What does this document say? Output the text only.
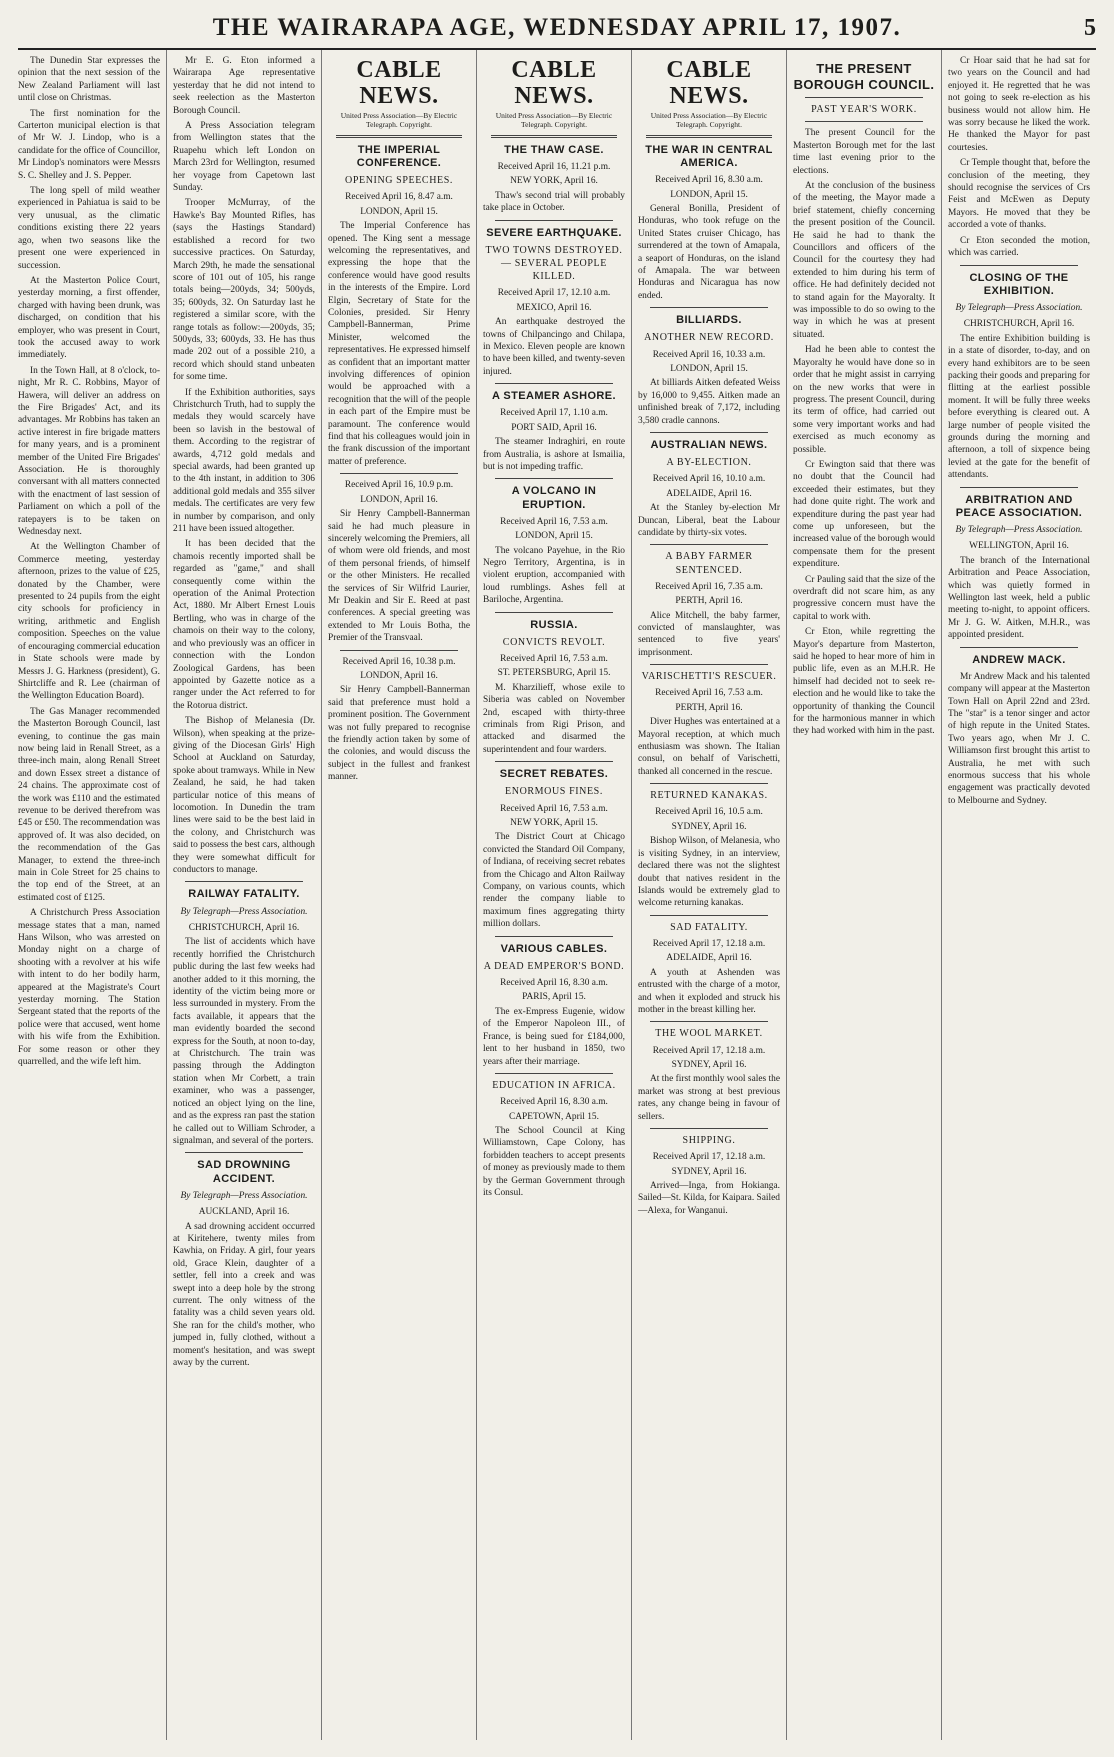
THE WAIRARAPA AGE, WEDNESDAY APRIL 17, 1907.	5

The Dunedin Star expresses the opinion that the next session of the New Zealand Parliament will last until close on Christmas.

The first nomination for the Carterton municipal election is that of Mr W. J. Lindop, who is a candidate for the office of Councillor, Mr Lindop's nominators were Messrs S. C. Shelley and J. S. Pepper.

The long spell of mild weather experienced in Pahiatua is said to be very unusual, as the climatic conditions existing there 22 years ago, when two seasons like the present one were experienced in succession.

At the Masterton Police Court, yesterday morning, a first offender, charged with having been drunk, was discharged, on condition that his employer, who was present in Court, took the accused away to work immediately.

In the Town Hall, at 8 o'clock, to-night, Mr R. C. Robbins, Mayor of Hawera, will deliver an address on the Fire Brigades' Act, and its advantages. Mr Robbins has taken an active interest in fire brigade matters for many years, and is a prominent member of the United Fire Brigades' Association. He is thoroughly conversant with all matters connected with the enactment of last session of Parliament on which a poll of the ratepayers is to be taken on Wednesday next.

At the Wellington Chamber of Commerce meeting, yesterday afternoon, prizes to the value of £25, donated by the Chamber, were presented to 24 pupils from the eight city schools for proficiency in writing, arithmetic and English composition. Speeches on the value of encouraging commercial education in State schools were made by Messrs J. G. Harkness (president), G. Shirtcliffe and R. Lee (chairman of the Wellington Education Board).

The Gas Manager recommended the Masterton Borough Council, last evening, to continue the gas main now being laid in Renall Street, as a three-inch main, along Renall Street and down Essex street a distance of 24 chains. The approximate cost of the work was £110 and the estimated revenue to be derived therefrom was £45 or £50. The recommendation was approved of. It was also decided, on the recommendation of the Gas Manager, to extend the three-inch main in Cole Street for 25 chains to the top end of the Street, at an estimated cost of £125.

A Christchurch Press Association message states that a man, named Hans Wilson, who was arrested on Monday night on a charge of shooting with a revolver at his wife with intent to do her bodily harm, appeared at the Magistrate's Court yesterday morning. The Station Sergeant stated that the reports of the police were that accused, went home with his wife from the Exhibition. For some reason or other they quarrelled, and the wife left him.

Mr E. G. Eton informed a Wairarapa Age representative yesterday that he did not intend to seek reelection as the Masterton Borough Council.

A Press Association telegram from Wellington states that the Ruapehu which left London on March 23rd for Wellington, resumed her voyage from Capetown last Sunday.

Trooper McMurray, of the Hawke's Bay Mounted Rifles, has (says the Hastings Standard) established a record for two successive practices. On Saturday, March 29th, he made the sensational score of 101 out of 105, his range totals being—200yds, 34; 500yds, 35; 600yds, 32. On Saturday last he registered a similar score, with the range totals as follow:—200yds, 35; 500yds, 33; 600yds, 33. He has thus made 202 out of a possible 210, a record which should stand unbeaten for some time.

If the Exhibition authorities, says Christchurch Truth, had to supply the medals they would scarcely have been so lavish in the bestowal of them. According to the registrar of awards, 4,712 gold medals and special awards, had been granted up to the 4th instant, in addition to 306 additional gold medals and 355 silver medals. The certificates are very few in number by comparison, and only 211 have been issued altogether.

It has been decided that the chamois recently imported shall be regarded as "game," and shall consequently come within the operation of the Animal Protection Act, 1880. Mr Albert Ernest Louis Bertling, who was in charge of the chamois on their way to the colony, and who previously was an officer in connection with the London Zoological Gardens, has been appointed by Gazette notice as a ranger under the Act referred to for the Rotorua district.

The Bishop of Melanesia (Dr. Wilson), when speaking at the prize-giving of the Diocesan Girls' High School at Auckland on Saturday, spoke about tramways. While in New Zealand, he said, he had taken particular notice of this means of locomotion. In Dunedin the tram lines were said to be the best laid in the colony, and Christchurch was said to possess the best cars, although they were somewhat difficult for conductors to manage.

RAILWAY FATALITY.
By Telegraph—Press Association.
CHRISTCHURCH, April 16.

The list of accidents which have recently horrified the Christchurch public during the last few weeks had another added to it this morning, the identity of the victim being more or less surrounded in mystery. From the facts available, it appears that the man evidently boarded the second express for the South, at noon to-day, at Christchurch. The train was passing through the Addington station when Mr Corbett, a train examiner, who was a passenger, noticed an object lying on the line, and as the express ran past the station he called out to William Schroder, a signalman, and several of the porters.

SAD DROWNING ACCIDENT.
By Telegraph—Press Association.
AUCKLAND, April 16.

A sad drowning accident occurred at Kiritehere, twenty miles from Kawhia, on Friday. A girl, four years old, Grace Klein, daughter of a settler, fell into a creek and was swept into a deep hole by the strong current. The only witness of the fatality was a child seven years old. She ran for the child's mother, who jumped in, fully clothed, without a moment's hesitation, and was swept away by the current.

CABLE NEWS.
United Press Association—By Electric Telegraph. Copyright.
THE IMPERIAL CONFERENCE.
OPENING SPEECHES.
Received April 16, 8.47 a.m.
LONDON, April 15.

The Imperial Conference has opened. The King sent a message welcoming the representatives, and expressing the hope that the conference would have good results in the interests of the Empire. Lord Elgin, Secretary of State for the Colonies, presided. Sir Henry Campbell-Bannerman, Prime Minister, welcomed the representatives. He expressed himself as confident that an important matter involving differences of opinion would be approached with a recognition that the will of the people in each part of the Empire must be paramount. The conference would find that his colleagues would join in the frank discussion of the important matter of preference.

Received April 16, 10.9 p.m.
LONDON, April 16.

Sir Henry Campbell-Bannerman said he had much pleasure in sincerely welcoming the Premiers, all of whom were old friends, and most of them personal friends, of himself or the other Ministers. He recalled the services of Sir Wilfrid Laurier, Mr Deakin and Sir E. Reed at past conferences. A special greeting was extended to Mr Louis Botha, the Premier of the Transvaal.

Received April 16, 10.38 p.m.
LONDON, April 16.

Sir Henry Campbell-Bannerman said that preference must hold a prominent position. The Government was not fully prepared to recognise the friendly action taken by some of the colonies, and would discuss the subject in the fullest and frankest manner.

CABLE NEWS.
United Press Association—By Electric Telegraph. Copyright.
THE THAW CASE.
Received April 16, 11.21 p.m.
NEW YORK, April 16.

Thaw's second trial will probably take place in October.

SEVERE EARTHQUAKE.
TWO TOWNS DESTROYED. — SEVERAL PEOPLE KILLED.
Received April 17, 12.10 a.m.
MEXICO, April 16.

An earthquake destroyed the towns of Chilpancingo and Chilapa, in Mexico. Eleven people are known to have been killed, and twenty-seven injured.

A STEAMER ASHORE.
Received April 17, 1.10 a.m.
PORT SAID, April 16.

The steamer Indraghiri, en route from Australia, is ashore at Ismailia, but is not impeding traffic.

A VOLCANO IN ERUPTION.
Received April 16, 7.53 a.m.
LONDON, April 15.

The volcano Payehue, in the Rio Negro Territory, Argentina, is in violent eruption, accompanied with loud rumblings. Ashes fell at Bariloche, Argentina.

RUSSIA.
CONVICTS REVOLT.
Received April 16, 7.53 a.m.
ST. PETERSBURG, April 15.

M. Kharzilieff, whose exile to Siberia was cabled on November 2nd, escaped with thirty-three criminals from Rigi Prison, and attacked and disarmed the superintendent and four warders.

SECRET REBATES.
ENORMOUS FINES.
Received April 16, 7.53 a.m.
NEW YORK, April 15.

The District Court at Chicago convicted the Standard Oil Company, of Indiana, of receiving secret rebates from the Chicago and Alton Railway Company, on various counts, which render the company liable to maximum fines aggregating thirty million dollars.

VARIOUS CABLES.
A DEAD EMPEROR'S BOND.
Received April 16, 8.30 a.m.
PARIS, April 15.

The ex-Empress Eugenie, widow of the Emperor Napoleon III., of France, is being sued for £184,000, lent to her husband in 1850, two years after their marriage.

EDUCATION IN AFRICA.
Received April 16, 8.30 a.m.
CAPETOWN, April 15.

The School Council at King Williamstown, Cape Colony, has forbidden teachers to accept presents of money as previously made to them by the German Government through its Consul.

CABLE NEWS.
United Press Association—By Electric Telegraph. Copyright.
THE WAR IN CENTRAL AMERICA.
Received April 16, 8.30 a.m.
LONDON, April 15.

General Bonilla, President of Honduras, who took refuge on the United States cruiser Chicago, has surrendered at the town of Amapala, a seaport of Honduras, on the island of Amapala. The war between Honduras and Nicaragua has now ended.

BILLIARDS.
ANOTHER NEW RECORD.
Received April 16, 10.33 a.m.
LONDON, April 15.

At billiards Aitken defeated Weiss by 16,000 to 9,455. Aitken made an unfinished break of 7,172, including 3,580 cradle cannons.

AUSTRALIAN NEWS.
A BY-ELECTION.
Received April 16, 10.10 a.m.
ADELAIDE, April 16.

At the Stanley by-election Mr Duncan, Liberal, beat the Labour candidate by thirty-six votes.

A BABY FARMER SENTENCED.
Received April 16, 7.35 a.m.
PERTH, April 16.

Alice Mitchell, the baby farmer, convicted of manslaughter, was sentenced to five years' imprisonment.

VARISCHETTI'S RESCUER.
Received April 16, 7.53 a.m.
PERTH, April 16.

Diver Hughes was entertained at a Mayoral reception, at which much enthusiasm was shown. The Italian consul, on behalf of Varischetti, thanked all concerned in the rescue.

RETURNED KANAKAS.
Received April 16, 10.5 a.m.
SYDNEY, April 16.

Bishop Wilson, of Melanesia, who is visiting Sydney, in an interview, declared there was not the slightest doubt that natives resident in the Islands would be extremely glad to welcome returning kanakas.

SAD FATALITY.
Received April 17, 12.18 a.m.
ADELAIDE, April 16.

A youth at Ashenden was entrusted with the charge of a motor, and when it exploded and struck his mother in the breast killing her.

THE WOOL MARKET.
Received April 17, 12.18 a.m.
SYDNEY, April 16.

At the first monthly wool sales the market was strong at best previous rates, any change being in favour of sellers.

SHIPPING.
Received April 17, 12.18 a.m.
SYDNEY, April 16.

Arrived—Inga, from Hokianga. Sailed—St. Kilda, for Kaipara. Sailed—Alexa, for Wanganui.

THE PRESENT BOROUGH COUNCIL.
PAST YEAR'S WORK.

The present Council for the Masterton Borough met for the last time last evening prior to the elections.

At the conclusion of the business of the meeting, the Mayor made a brief statement, chiefly concerning the present position of the Council. He said he had to thank the Councillors and officers of the Council for the courtesy they had extended to him during his term of office. He had definitely decided not to stand again for the Mayoralty. It was impossible to do so owing to the way in which he was at present situated.

Had he been able to contest the Mayoralty he would have done so in order that he might assist in carrying on the new works that were in progress. The present Council, during its term of office, had carried out some very important works and had exercised as much economy as possible.

Cr Ewington said that there was no doubt that the Council had exceeded their estimates, but they had done quite right. The work and expenditure during the past year had come up unforeseen, but the increased value of the borough would compensate them for the present expenditure.

Cr Pauling said that the size of the overdraft did not scare him, as any progressive concern must have the capital to work with.

Cr Eton, while regretting the Mayor's departure from Masterton, said he hoped to hear more of him in public life, even as an M.H.R. He himself had decided not to seek re-election and he would like to take the opportunity of thanking the Council for the harmonious manner in which they had worked with him in the past.

Cr Hoar said that he had sat for two years on the Council and had enjoyed it. He regretted that he was not going to seek re-election as his business would not allow him. He was sorry because he liked the work. He thanked the Mayor for past courtesies.

Cr Temple thought that, before the conclusion of the meeting, they should recognise the services of Crs Feist and McEwen as Deputy Mayors. He moved that they be accorded a vote of thanks.

Cr Eton seconded the motion, which was carried.

CLOSING OF THE EXHIBITION.
By Telegraph—Press Association.
CHRISTCHURCH, April 16.

The entire Exhibition building is in a state of disorder, to-day, and on every hand exhibitors are to be seen packing their goods and preparing for flitting at the earliest possible moment. It will be fully three weeks before everything is cleared out. A large number of people visited the grounds during the morning and afternoon, a toll of sixpence being levied at the gate for the benefit of attendants.

ARBITRATION AND PEACE ASSOCIATION.
By Telegraph—Press Association.
WELLINGTON, April 16.

The branch of the International Arbitration and Peace Association, which was quietly formed in Wellington last week, held a public meeting to-night, to appoint officers. Mr J. G. W. Aitken, M.H.R., was appointed president.

ANDREW MACK.

Mr Andrew Mack and his talented company will appear at the Masterton Town Hall on April 22nd and 23rd. The "star" is a tenor singer and actor of high repute in the United States. Two years ago, when Mr J. C. Williamson first brought this artist to Australia, he met with such enormous success that his whole engagement was practically devoted to Melbourne and Sydney.
